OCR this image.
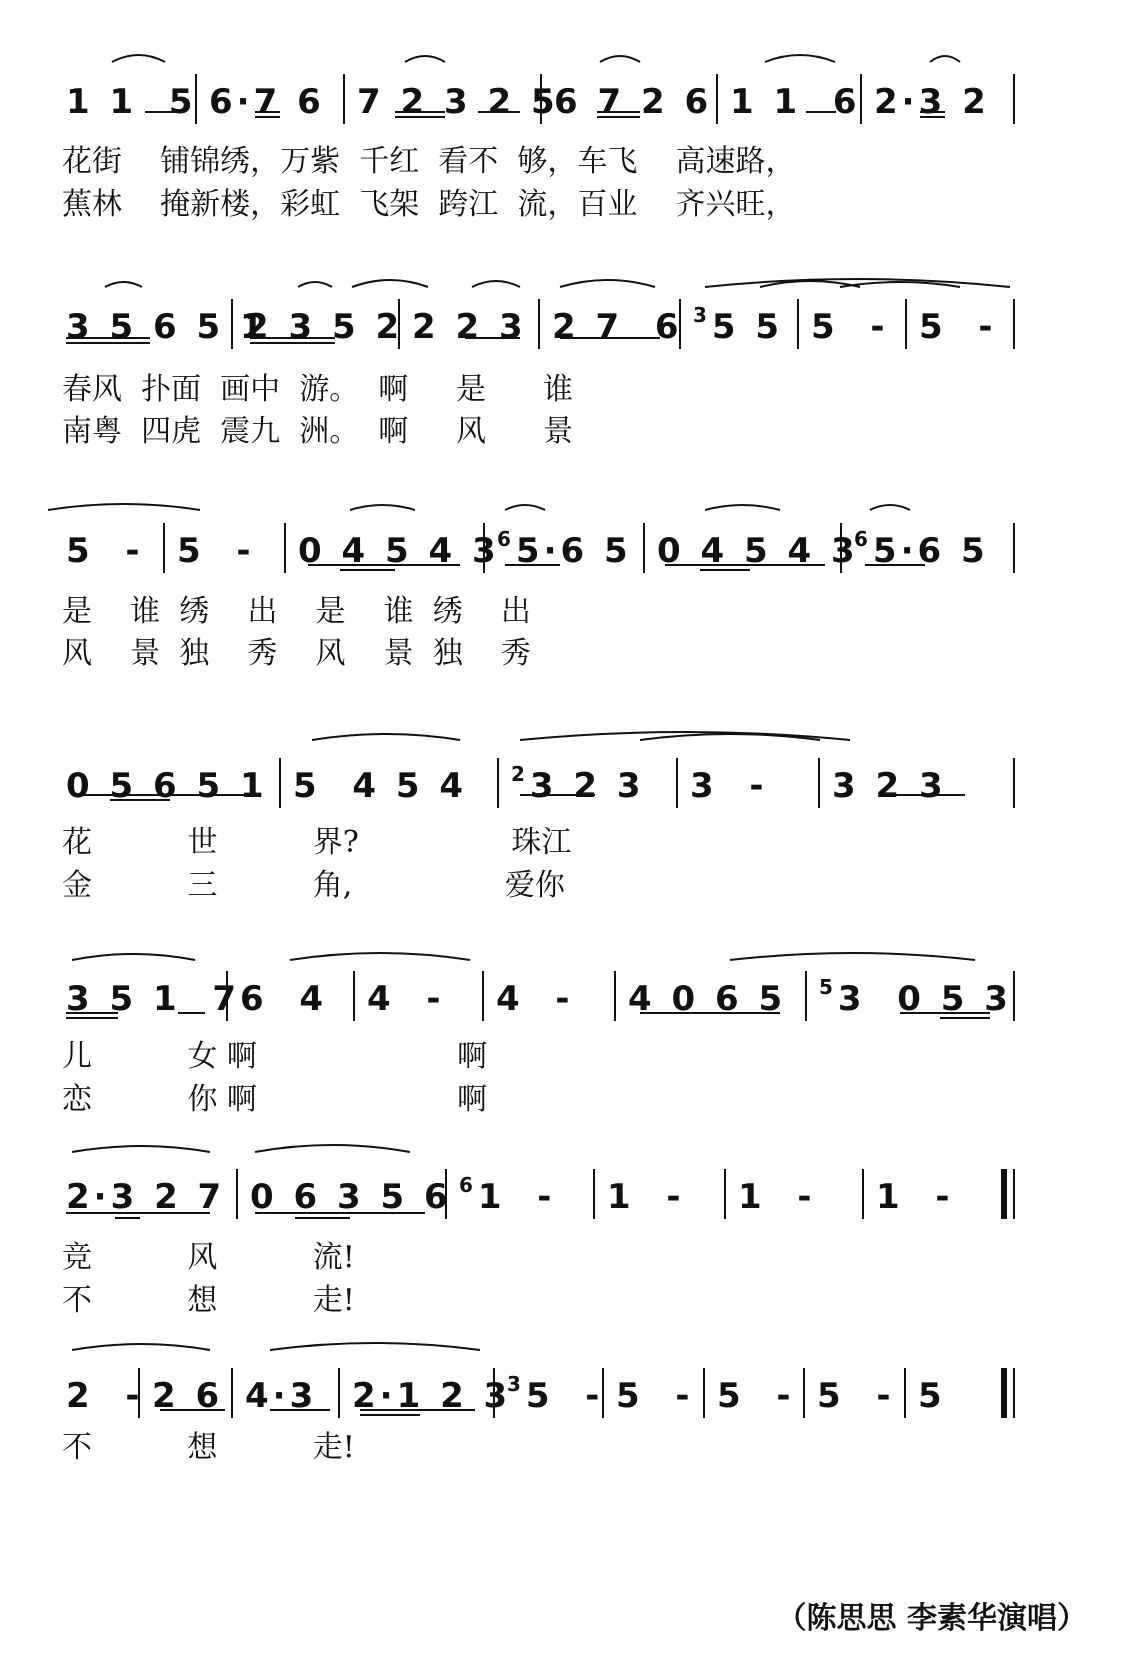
1 1  5 6·7 6 7 2 3 2 5
6 7 2 6 1 1  6 2·3 2
花街    铺锦绣，万紫  千红  看不  够，车飞    高速路，
蕉林    掩新楼，彩虹  飞架  跨江  流，百业    齐兴旺，
3 5 6 5 1
2 3 5 2 2 2 3 2 7  6 $^3$5 5 5  - 5  -
春风  扑面  画中  游。  啊     是      谁
南粤  四虎  震九  洲。  啊     风      景
5  - 5  - 0 4 5 4 3
$^6$5·6 5 0 4 5 4 3
$^6$5·6 5
是    谁  绣    出    是    谁  绣    出
风    景  独    秀    风    景  独    秀
0 5 6 5 1 5  4 5 4 $^2$3 2 3 3  - 3 2 3
花          世          界?                珠江
金          三          角,                爱你
3 5 1  7 6  4 4  - 4  - 4 0 6 5 $^5$3  0 5 3
儿          女 啊                     啊
恋          你 啊                     啊
2·3 2 7 0 6 3 5 6 $^6$1  - 1  - 1  - 1  -
竞          风          流!
不          想          走!
2  - 2 6 4·3 2·1 2 3
$^3$5  - 5  - 5  - 5  - 5
不          想          走!
（陈思思 李素华演唱）
